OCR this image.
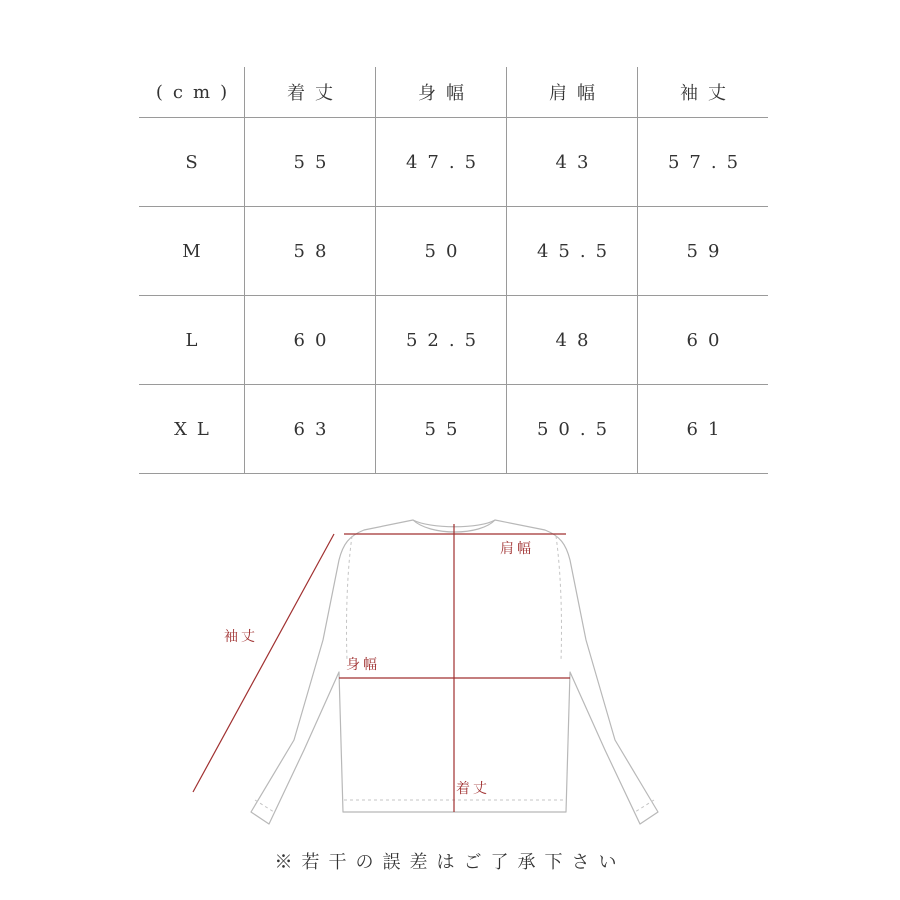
(cm)	着丈	身幅	肩幅	袖丈
S	55	47.5	43	57.5
M	58	50	45.5	59
L	60	52.5	48	60
XL	63	55	50.5	61
肩幅
袖丈
身幅
着丈
※若干の誤差はご了承下さい
